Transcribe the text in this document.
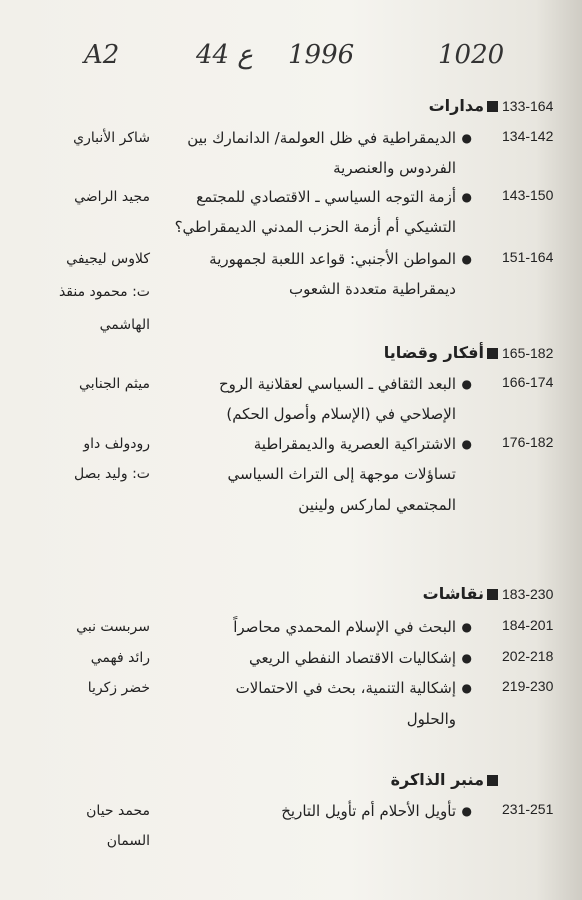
A2	44 ع 1996	1020
133-164
مدارات
134-142
●
الديمقراطية في ظل العولمة/ الدانمارك بين
الفردوس والعنصرية
شاكر الأنباري
143-150
●
أزمة التوجه السياسي ـ الاقتصادي للمجتمع
التشيكي أم أزمة الحزب المدني الديمقراطي؟
مجيد الراضي
151-164
●
المواطن الأجنبي: قواعد اللعبة لجمهورية
ديمقراطية متعددة الشعوب
كلاوس ليجيفي
ت: محمود منقذ
الهاشمي
165-182
أفكار وقضايا
166-174
●
البعد الثقافي ـ السياسي لعقلانية الروح
الإصلاحي في (الإسلام وأصول الحكم)
ميثم الجنابي
176-182
●
الاشتراكية العصرية والديمقراطية
تساؤلات موجهة إلى التراث السياسي
المجتمعي لماركس ولينين
رودولف داو
ت: وليد بصل
183-230
نقاشات
184-201
●
البحث في الإسلام المحمدي محاصراً
سربست نبي
202-218
●
إشكاليات الاقتصاد النفطي الريعي
رائد فهمي
219-230
●
إشكالية التنمية، بحث في الاحتمالات
والحلول
خضر زكريا
منبر الذاكرة
231-251
●
تأويل الأحلام أم تأويل التاريخ
محمد حيان
السمان
